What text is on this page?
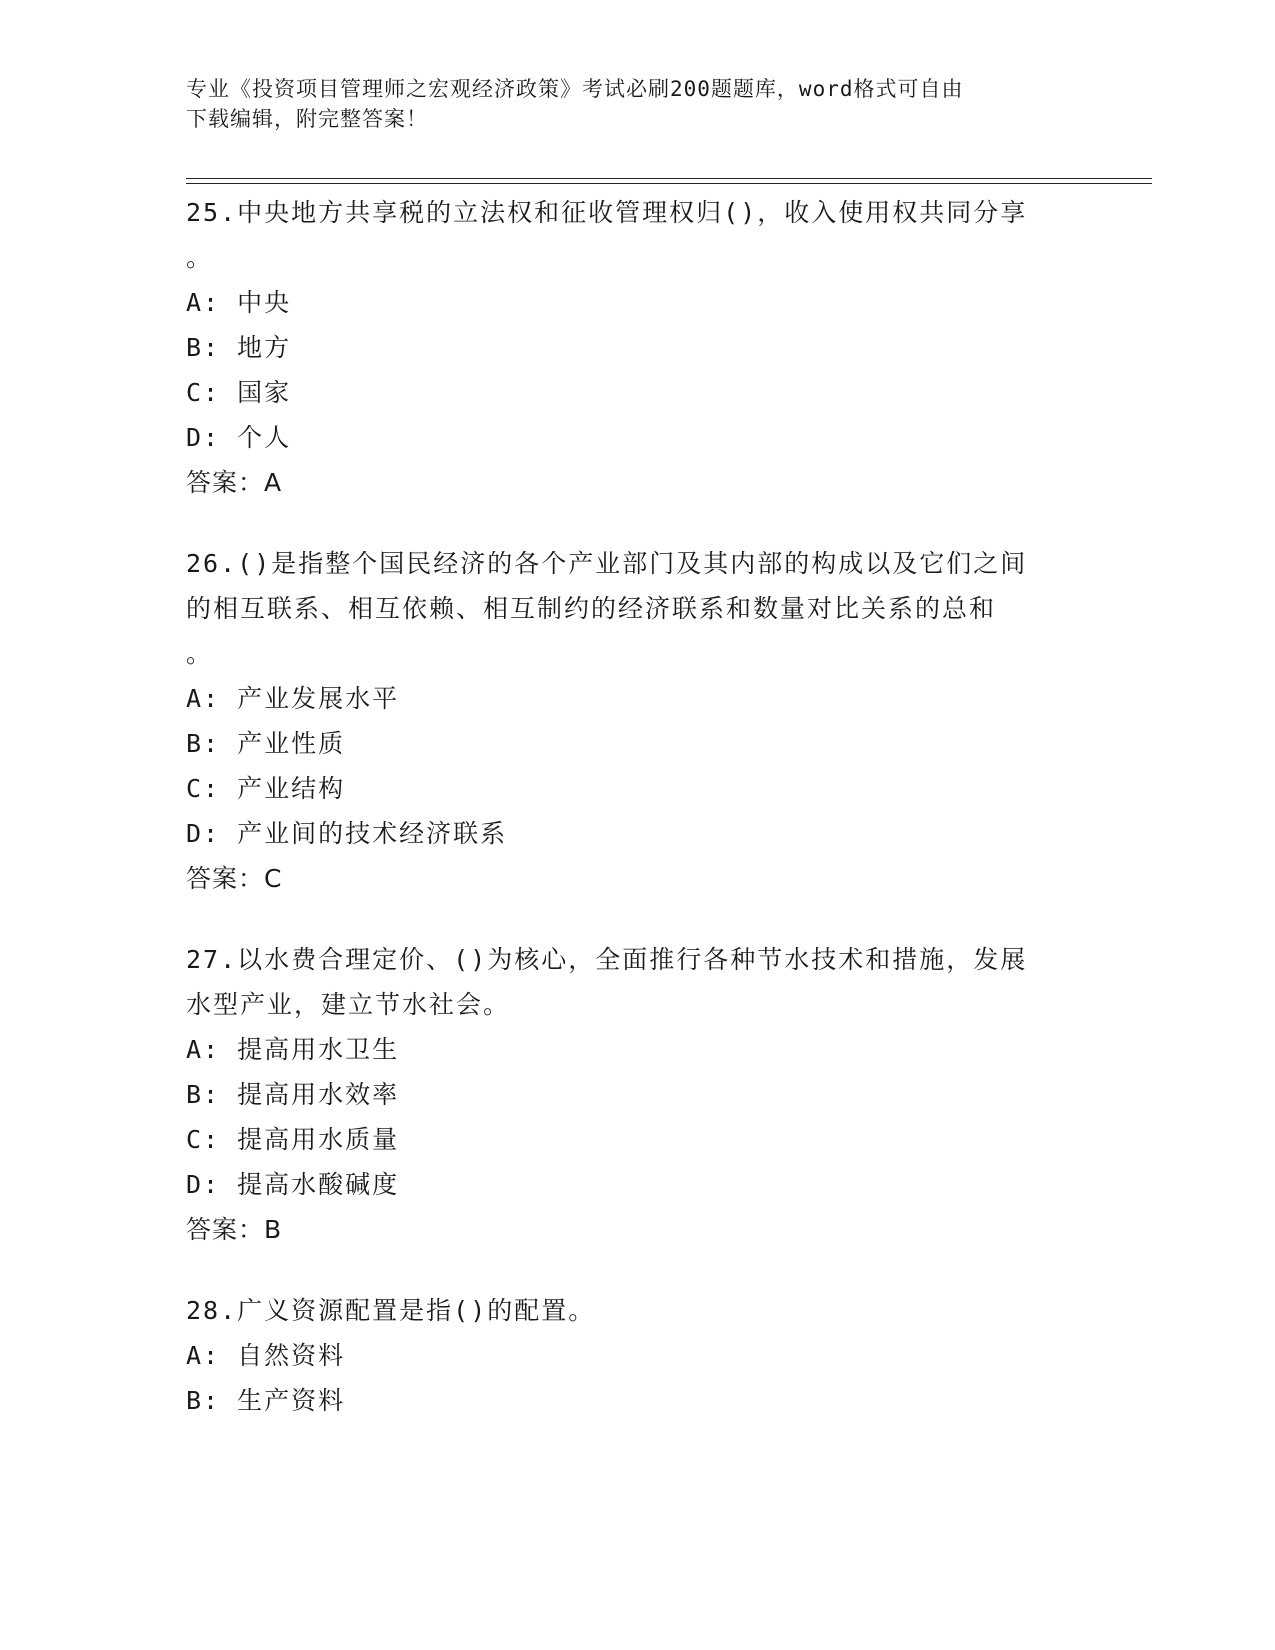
专业《投资项目管理师之宏观经济政策》考试必刷200题题库，word格式可自由
下载编辑，附完整答案！
25.中央地方共享税的立法权和征收管理权归()，收入使用权共同分享
。
A: 中央
B: 地方
C: 国家
D: 个人
答案：A
26.()是指整个国民经济的各个产业部门及其内部的构成以及它们之间
的相互联系、相互依赖、相互制约的经济联系和数量对比关系的总和
。
A: 产业发展水平
B: 产业性质
C: 产业结构
D: 产业间的技术经济联系
答案：C
27.以水费合理定价、()为核心，全面推行各种节水技术和措施，发展
水型产业，建立节水社会。
A: 提高用水卫生
B: 提高用水效率
C: 提高用水质量
D: 提高水酸碱度
答案：B
28.广义资源配置是指()的配置。
A: 自然资料
B: 生产资料
